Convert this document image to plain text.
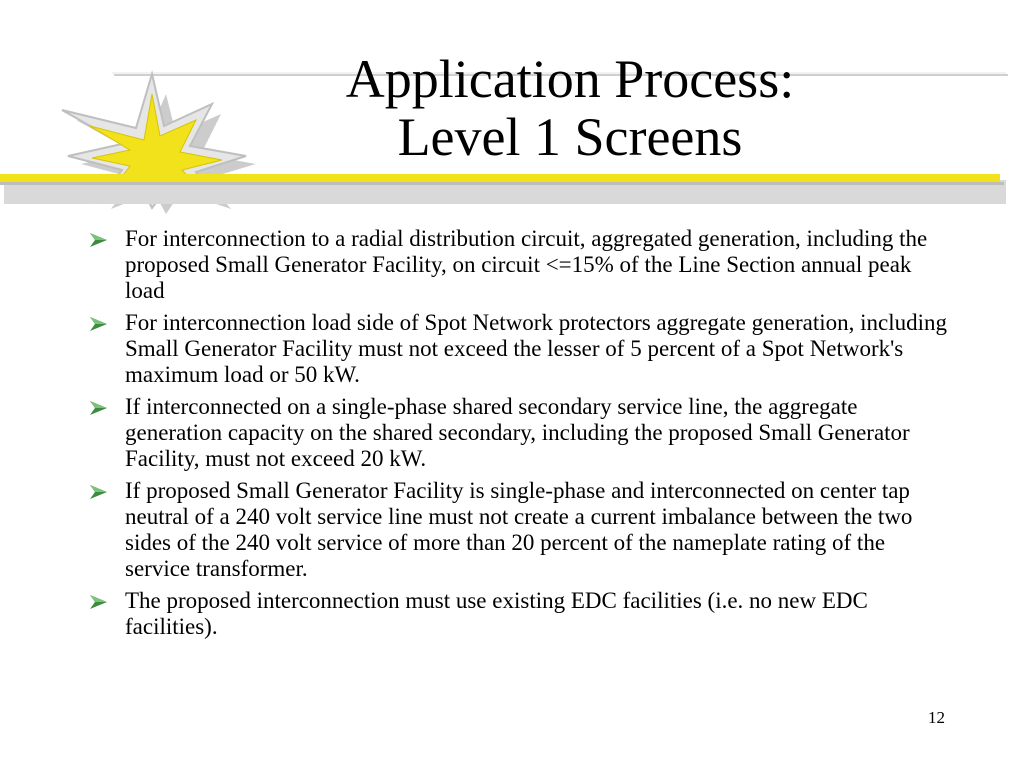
Application Process:
Level 1 Screens
For interconnection to a radial distribution circuit, aggregated generation, including the proposed Small Generator Facility, on circuit <=15% of the Line Section annual peak load
For interconnection load side of Spot Network protectors aggregate generation, including Small Generator Facility must not exceed the lesser of 5 percent of a Spot Network's maximum load or 50 kW.
If interconnected on a single-phase shared secondary service line, the aggregate generation capacity on the shared secondary, including the proposed Small Generator Facility, must not exceed 20 kW.
If proposed Small Generator Facility is single-phase and interconnected on center tap neutral of a 240 volt service line must not create a current imbalance between the two sides of the 240 volt service of more than 20 percent of the nameplate rating of the service transformer.
The proposed interconnection must use existing EDC facilities (i.e. no new EDC facilities).
12
